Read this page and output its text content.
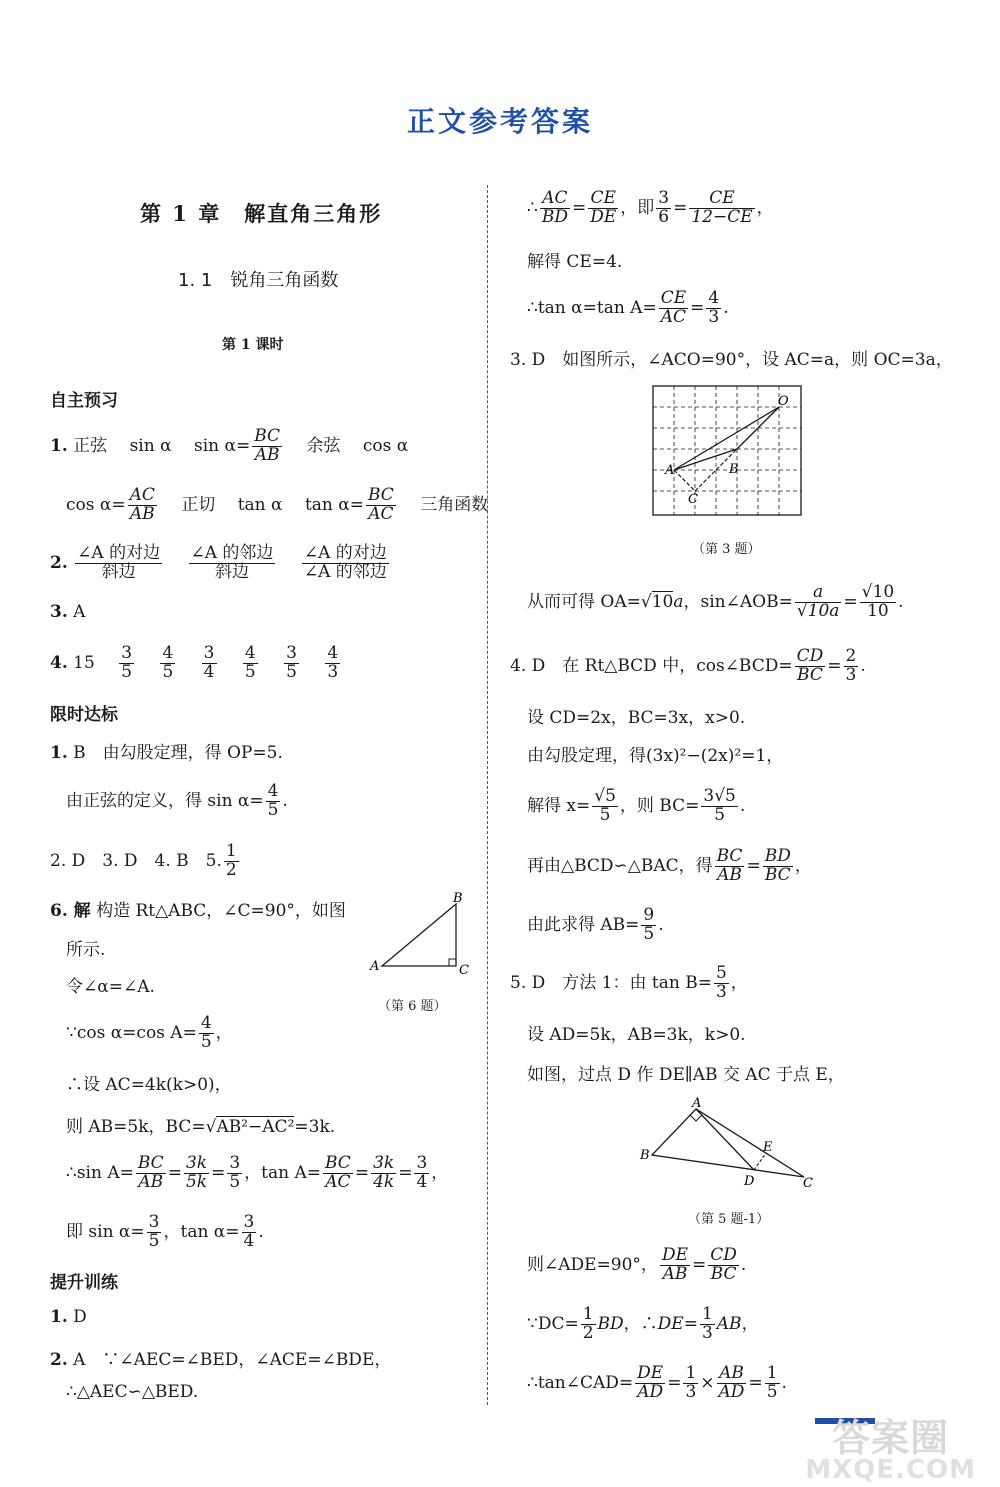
正文参考答案
第 1 章　 解直角三角形
1. 1　锐角三角函数
第 1 课时
自主预习
1. 正弦　 sin α　 $\sin \alpha= \frac{BC}{AB}$
　 余弦　 cos α
$\cos \alpha= \frac{AC}{AB}$
　 正切　 tan α　 $\tan \alpha= \frac{BC}{AC}$
　 三角函数
2. $\frac{\text{∠A 的对边}}{\text{斜边}}$
　 $\frac{\text{∠A 的邻边}}{\text{斜边}}$
　 $\frac{\text{∠A 的对边}}{\text{∠A 的邻边}}$
3. A
4. 15　 $\frac{3}{5}$
　 $\frac{4}{5}$
　 $\frac{3}{4}$
　 $\frac{4}{5}$
　 $\frac{3}{5}$
　 $\frac{4}{3}$
限时达标
1. B　由勾股定理，得 OP=5.
由正弦的定义，得 $\sin \alpha= \frac{4}{5}$ .
2. D　3. D　4. B　5. $\frac{1}{2}$
6. 解 构造 Rt△ABC，∠C=90°，如图
所示.
令∠α=∠A.
A
B
C
（第 6 题）
∵cos α=cos $A= \frac{4}{5}$ ，
∴设 AC=4k(k>0)，
则 AB=5k，BC=√AB²−AC²=3k.
∴sin $A= \frac{BC}{AB} = \frac{3k}{5k} = \frac{3}{5}$ ，$\tan A= \frac{BC}{AC} = \frac{3k}{4k} = \frac{3}{4}$ ，
即 $\sin \alpha= \frac{3}{5}$ ，$\tan \alpha= \frac{3}{4}$ .
提升训练
1. D
2. A　∵∠AEC=∠BED，∠ACE=∠BDE，
∴△AEC∽△BED.
∴ $\frac{AC}{BD} = \frac{CE}{DE}$ ，即 $\frac{3}{6} = \frac{CE}{12-CE}$ ，
解得 CE=4.
∴tan α=tan $A= \frac{CE}{AC} = \frac{4}{3}$ .
3. D　如图所示，∠ACO=90°，设 AC=a，则 OC=3a，
O
A	B
C
（第 3 题）
从而可得 OA=√10a，sin∠AOB= $\frac{a}{√10a} = \frac{√10}{10}$ .
4. D　在 Rt△BCD 中，cos∠BCD= $\frac{CD}{BC} = \frac{2}{3}$ .
设 CD=2x，BC=3x，x>0.
由勾股定理，得(3x)²−(2x)²=1，
解得 $x= \frac{√5}{5}$ ，则 $BC= \frac{3√5}{5}$ .
再由△BCD∽△BAC，得 $\frac{BC}{AB} = \frac{BD}{BC}$ ，
由此求得 $AB= \frac{9}{5}$ .
5. D　方法 1：由 $\tan B= \frac{5}{3}$ ，
设 AD=5k，AB=3k，k>0.
如图，过点 D 作 DE∥AB 交 AC 于点 E，
A
B
C
D
E
（第 5 题-1）
则∠ADE=90°， $\frac{DE}{AB} = \frac{CD}{BC}$ .
∵DC= $\frac{1}{2}$ BD，∴DE= $\frac{1}{3}$ AB，
∴tan∠CAD= $\frac{DE}{AD} = \frac{1}{3} \times \frac{AB}{AD} = \frac{1}{5}$ .
答案圈
MXQE.COM
